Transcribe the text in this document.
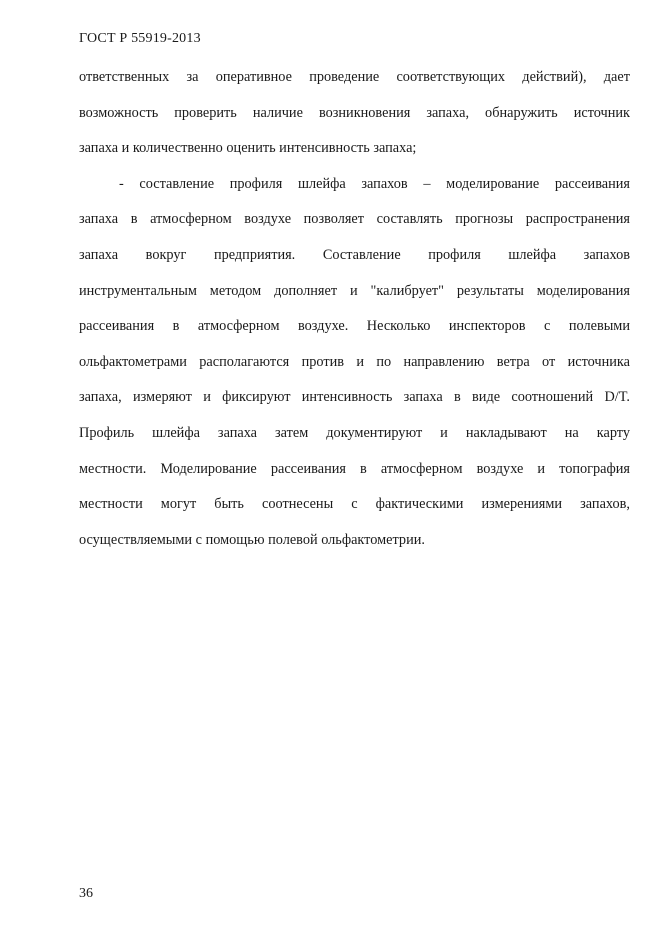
ГОСТ Р 55919-2013
ответственных за оперативное проведение соответствующих действий), дает
возможность проверить наличие возникновения запаха, обнаружить источник
запаха и количественно оценить интенсивность запаха;
- составление профиля шлейфа запахов – моделирование рассеивания
запаха в атмосферном воздухе позволяет составлять прогнозы распространения
запаха вокруг предприятия. Составление профиля шлейфа запахов
инструментальным методом дополняет и "калибрует" результаты моделирования
рассеивания в атмосферном воздухе. Несколько инспекторов с полевыми
ольфактометрами располагаются против и по направлению ветра от источника
запаха, измеряют и фиксируют интенсивность запаха в виде соотношений D/T.
Профиль шлейфа запаха затем документируют и накладывают на карту
местности. Моделирование рассеивания в атмосферном воздухе и топография
местности могут быть соотнесены с фактическими измерениями запахов,
осуществляемыми с помощью полевой ольфактометрии.
36
